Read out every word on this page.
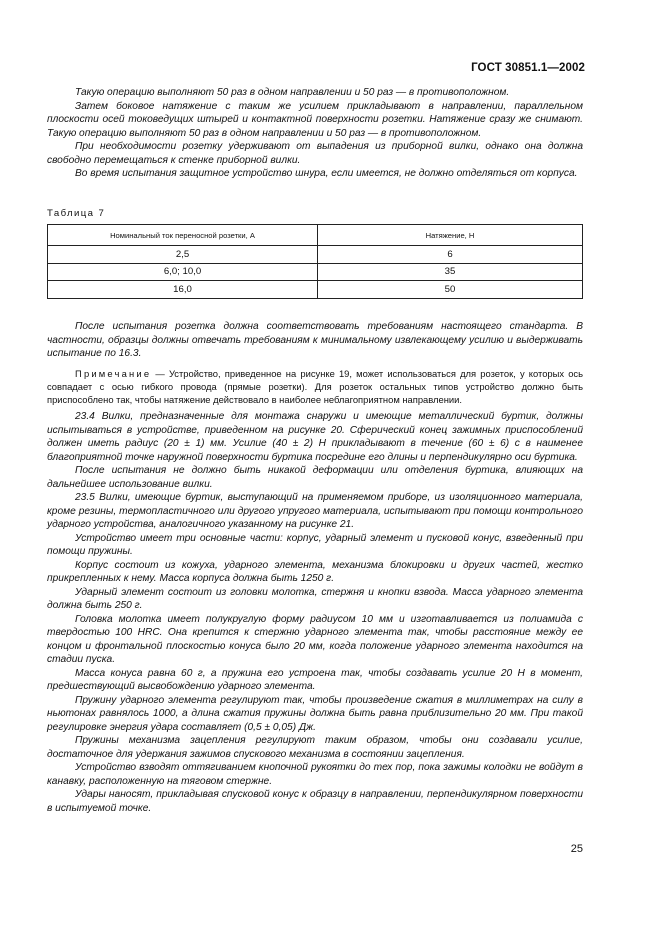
ГОСТ 30851.1—2002

Такую операцию выполняют 50 раз в одном направлении и 50 раз — в противоположном.

Затем боковое натяжение с таким же усилием прикладывают в направлении, параллельном плоскости осей токоведущих штырей и контактной поверхности розетки. Натяжение сразу же снимают. Такую операцию выполняют 50 раз в одном направлении и 50 раз — в противоположном.

При необходимости розетку удерживают от выпадения из приборной вилки, однако она должна свободно перемещаться к стенке приборной вилки.

Во время испытания защитное устройство шнура, если имеется, не должно отделяться от корпуса.

Таблица 7
Номинальный ток переносной розетки, А	Натяжение, Н
2,5	6
6,0; 10,0	35
16,0	50

После испытания розетка должна соответствовать требованиям настоящего стандарта. В частности, образцы должны отвечать требованиям к минимальному извлекающему усилию и выдерживать испытание по 16.3.

Примечание — Устройство, приведенное на рисунке 19, может использоваться для розеток, у которых ось совпадает с осью гибкого провода (прямые розетки). Для розеток остальных типов устройство должно быть приспособлено так, чтобы натяжение действовало в наиболее неблагоприятном направлении.

23.4 Вилки, предназначенные для монтажа снаружи и имеющие металлический буртик, должны испытываться в устройстве, приведенном на рисунке 20. Сферический конец зажимных приспособлений должен иметь радиус (20 ± 1) мм. Усилие (40 ± 2) Н прикладывают в течение (60 ± 6) с в наименее благоприятной точке наружной поверхности буртика посредине его длины и перпендикулярно оси буртика.

После испытания не должно быть никакой деформации или отделения буртика, влияющих на дальнейшее использование вилки.

23.5 Вилки, имеющие буртик, выступающий на применяемом приборе, из изоляционного материала, кроме резины, термопластичного или другого упругого материала, испытывают при помощи контрольного ударного устройства, аналогичного указанному на рисунке 21.

Устройство имеет три основные части: корпус, ударный элемент и пусковой конус, взведенный при помощи пружины.

Корпус состоит из кожуха, ударного элемента, механизма блокировки и других частей, жестко прикрепленных к нему. Масса корпуса должна быть 1250 г.

Ударный элемент состоит из головки молотка, стержня и кнопки взвода. Масса ударного элемента должна быть 250 г.

Головка молотка имеет полукруглую форму радиусом 10 мм и изготавливается из полиамида с твердостью 100 HRC. Она крепится к стержню ударного элемента так, чтобы расстояние между ее концом и фронтальной плоскостью конуса было 20 мм, когда положение ударного элемента находится на стадии пуска.

Масса конуса равна 60 г, а пружина его устроена так, чтобы создавать усилие 20 Н в момент, предшествующий высвобождению ударного элемента.

Пружину ударного элемента регулируют так, чтобы произведение сжатия в миллиметрах на силу в ньютонах равнялось 1000, а длина сжатия пружины должна быть равна приблизительно 20 мм. При такой регулировке энергия удара составляет (0,5 ± 0,05) Дж.

Пружины механизма зацепления регулируют таким образом, чтобы они создавали усилие, достаточное для удержания зажимов спускового механизма в состоянии зацепления.

Устройство взводят оттягиванием кнопочной рукоятки до тех пор, пока зажимы колодки не войдут в канавку, расположенную на тяговом стержне.

Удары наносят, прикладывая спусковой конус к образцу в направлении, перпендикулярном поверхности в испытуемой точке.

25
